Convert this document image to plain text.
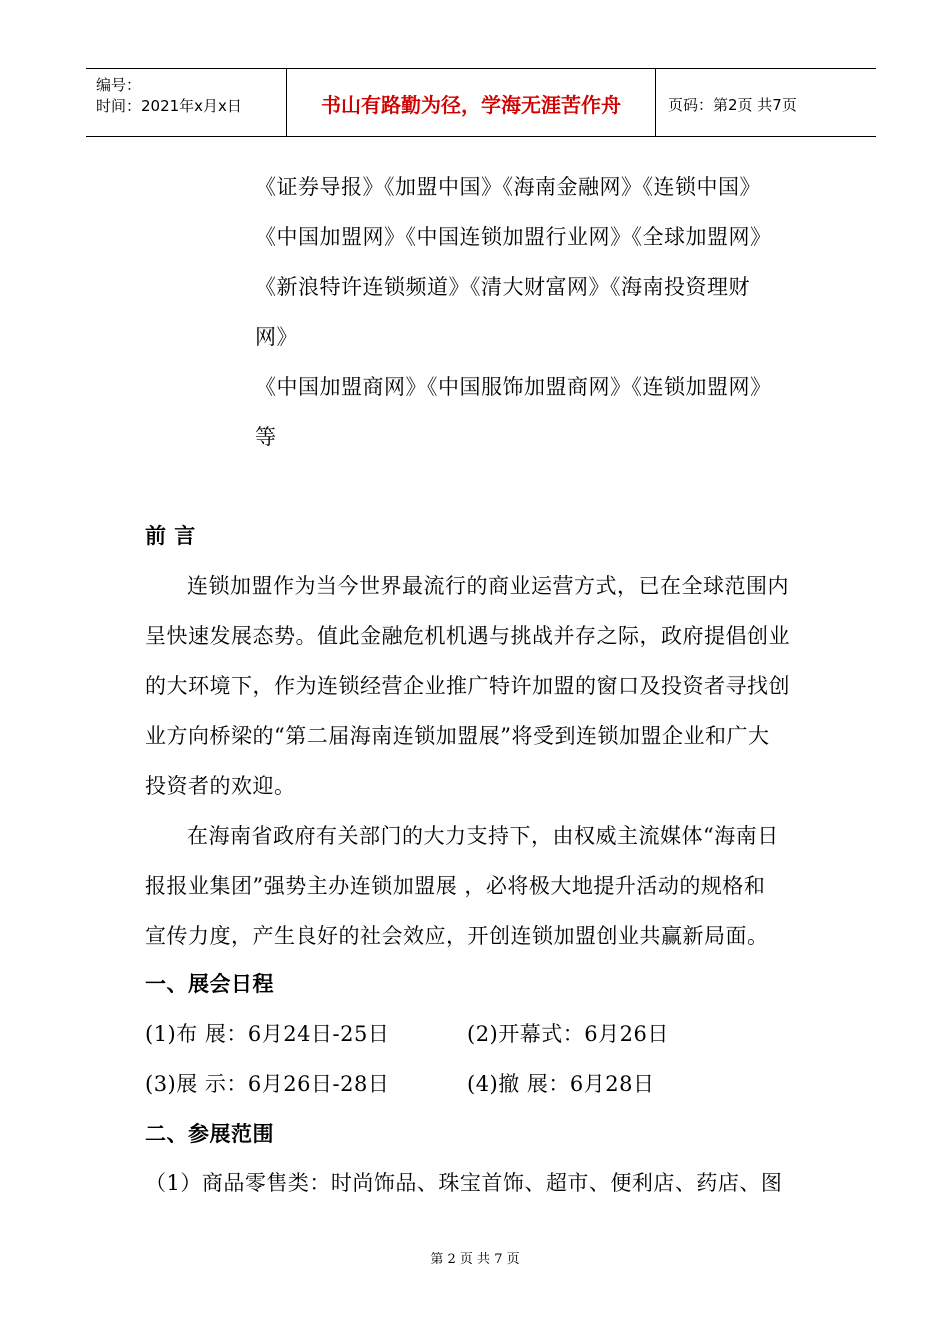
编号：
时间：2021年x月x日	书山有路勤为径，学海无涯苦作舟	页码：第2页 共7页
《证券导报》《加盟中国》《海南金融网》《连锁中国》
《中国加盟网》《中国连锁加盟行业网》《全球加盟网》
《新浪特许连锁频道》《清大财富网》《海南投资理财
网》
《中国加盟商网》《中国服饰加盟商网》《连锁加盟网》
等
前 言
连锁加盟作为当今世界最流行的商业运营方式，已在全球范围内
呈快速发展态势。值此金融危机机遇与挑战并存之际，政府提倡创业
的大环境下，作为连锁经营企业推广特许加盟的窗口及投资者寻找创
业方向桥梁的“第二届海南连锁加盟展”将受到连锁加盟企业和广大
投资者的欢迎。
在海南省政府有关部门的大力支持下，由权威主流媒体“海南日
报报业集团”强势主办连锁加盟展 ，必将极大地提升活动的规格和
宣传力度，产生良好的社会效应，开创连锁加盟创业共赢新局面。
一、展会日程
(1)布 展：6月24日-25日	(2)开幕式：6月26日
(3)展 示：6月26日-28日	(4)撤 展：6月28日
二、参展范围
（1）商品零售类：时尚饰品、珠宝首饰、超市、便利店、药店、图
第 2 页 共 7 页
